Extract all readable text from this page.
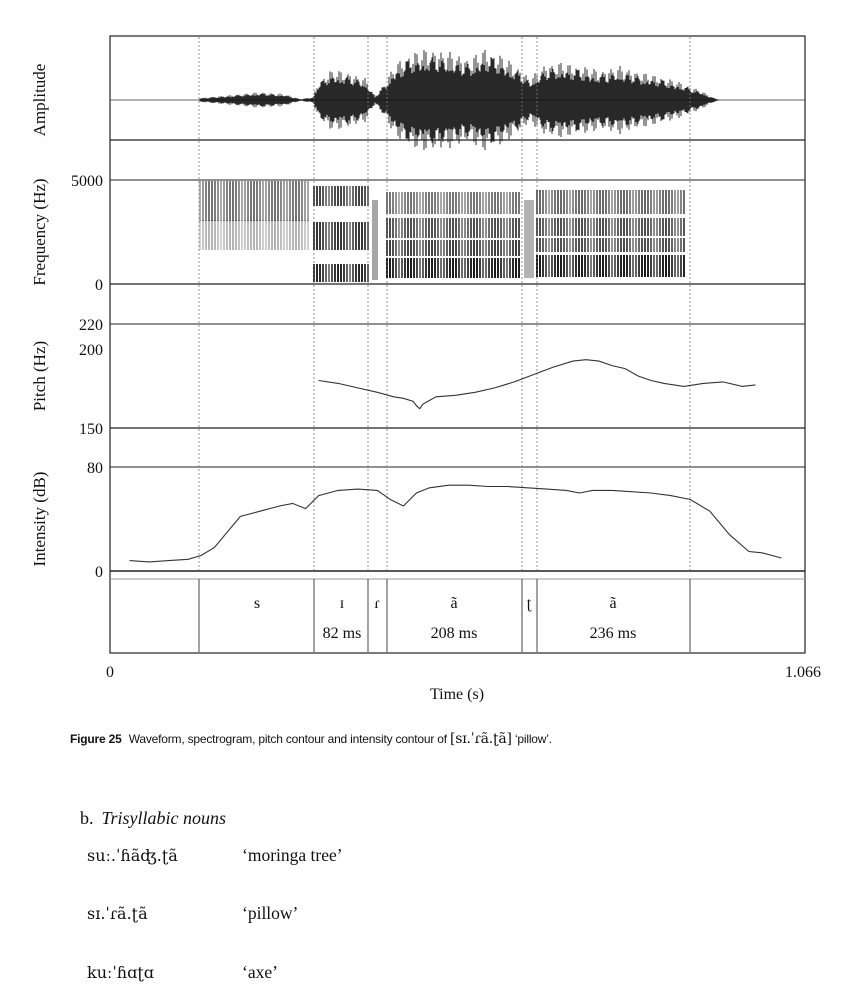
Amplitude
Frequency (Hz)
Pitch (Hz)
Intensity (dB)
5000
0
220
200
150
80
0
s	ɪ ɾ	ã	ʈ	ã
82 ms	208 ms	236 ms
0	1.066
Time (s)
Figure 25 Waveform, spectrogram, pitch contour and intensity contour of [sɪ.ˈɾã.ʈã] ‘pillow’.
b. Trisyllabic nouns
suː.ˈɦãʤ.ʈã	‘moringa tree’
sɪ.ˈɾã.ʈã	‘pillow’
kuːˈɦɑʈɑ	‘axe’
